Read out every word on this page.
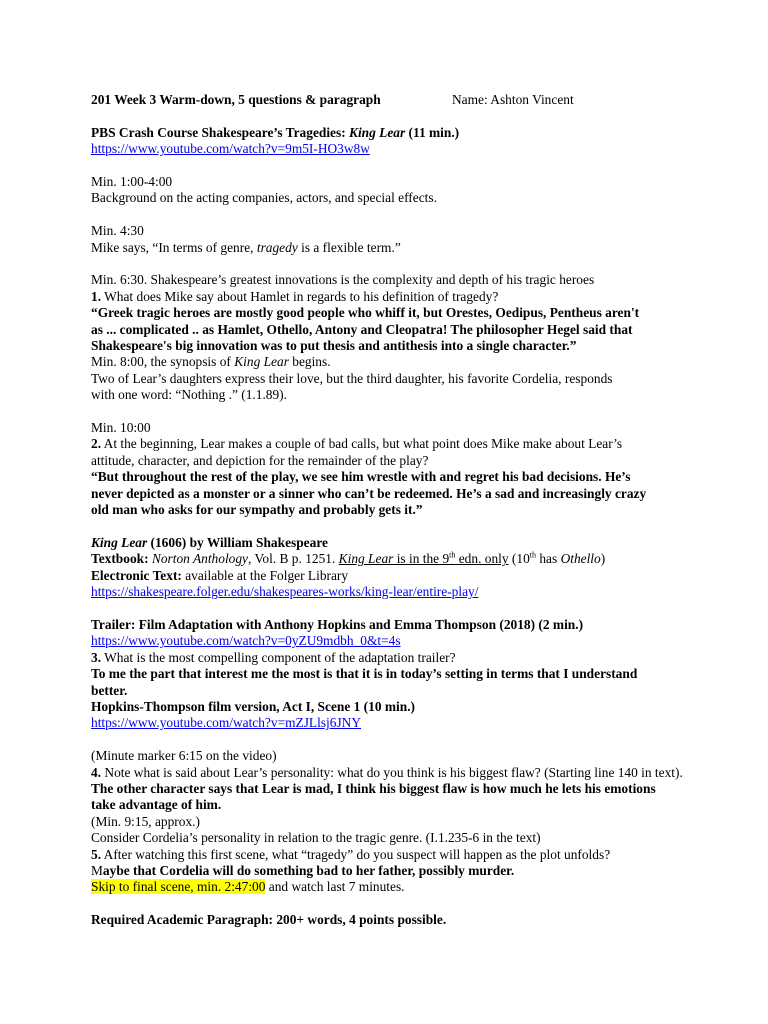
201 Week 3 Warm-down, 5 questions & paragraph	Name: Ashton Vincent

PBS Crash Course Shakespeare’s Tragedies: King Lear (11 min.)

https://www.youtube.com/watch?v=9m5I-HO3w8w

Min. 1:00-4:00

Background on the acting companies, actors, and special effects.

Min. 4:30

Mike says, “In terms of genre, tragedy is a flexible term.”

Min. 6:30. Shakespeare’s greatest innovations is the complexity and depth of his tragic heroes

1. What does Mike say about Hamlet in regards to his definition of tragedy?

“Greek tragic heroes are mostly good people who whiff it, but Orestes, Oedipus, Pentheus aren't

as ... complicated .. as Hamlet, Othello, Antony and Cleopatra! The philosopher Hegel said that

Shakespeare's big innovation was to put thesis and antithesis into a single character.”

Min. 8:00, the synopsis of King Lear begins.

Two of Lear’s daughters express their love, but the third daughter, his favorite Cordelia, responds

with one word: “Nothing .” (1.1.89).

Min. 10:00

2. At the beginning, Lear makes a couple of bad calls, but what point does Mike make about Lear’s

attitude, character, and depiction for the remainder of the play?

“But throughout the rest of the play, we see him wrestle with and regret his bad decisions. He’s

never depicted as a monster or a sinner who can’t be redeemed. He’s a sad and increasingly crazy

old man who asks for our sympathy and probably gets it.”

King Lear (1606) by William Shakespeare

Textbook: Norton Anthology, Vol. B p. 1251. King Lear is in the 9th edn. only (10th has Othello)

Electronic Text: available at the Folger Library

https://shakespeare.folger.edu/shakespeares-works/king-lear/entire-play/

Trailer: Film Adaptation with Anthony Hopkins and Emma Thompson (2018) (2 min.)

https://www.youtube.com/watch?v=0yZU9mdbh_0&t=4s

3. What is the most compelling component of the adaptation trailer?

To me the part that interest me the most is that it is in today’s setting in terms that I understand

better.

Hopkins-Thompson film version, Act I, Scene 1 (10 min.)

https://www.youtube.com/watch?v=mZJLlsj6JNY

(Minute marker 6:15 on the video)

4. Note what is said about Lear’s personality: what do you think is his biggest flaw? (Starting line 140 in text).

The other character says that Lear is mad, I think his biggest flaw is how much he lets his emotions

take advantage of him.

(Min. 9:15, approx.)

Consider Cordelia’s personality in relation to the tragic genre. (I.1.235-6 in the text)

5. After watching this first scene, what “tragedy” do you suspect will happen as the plot unfolds?

Maybe that Cordelia will do something bad to her father, possibly murder.

Skip to final scene, min. 2:47:00 and watch last 7 minutes.

Required Academic Paragraph: 200+ words, 4 points possible.
